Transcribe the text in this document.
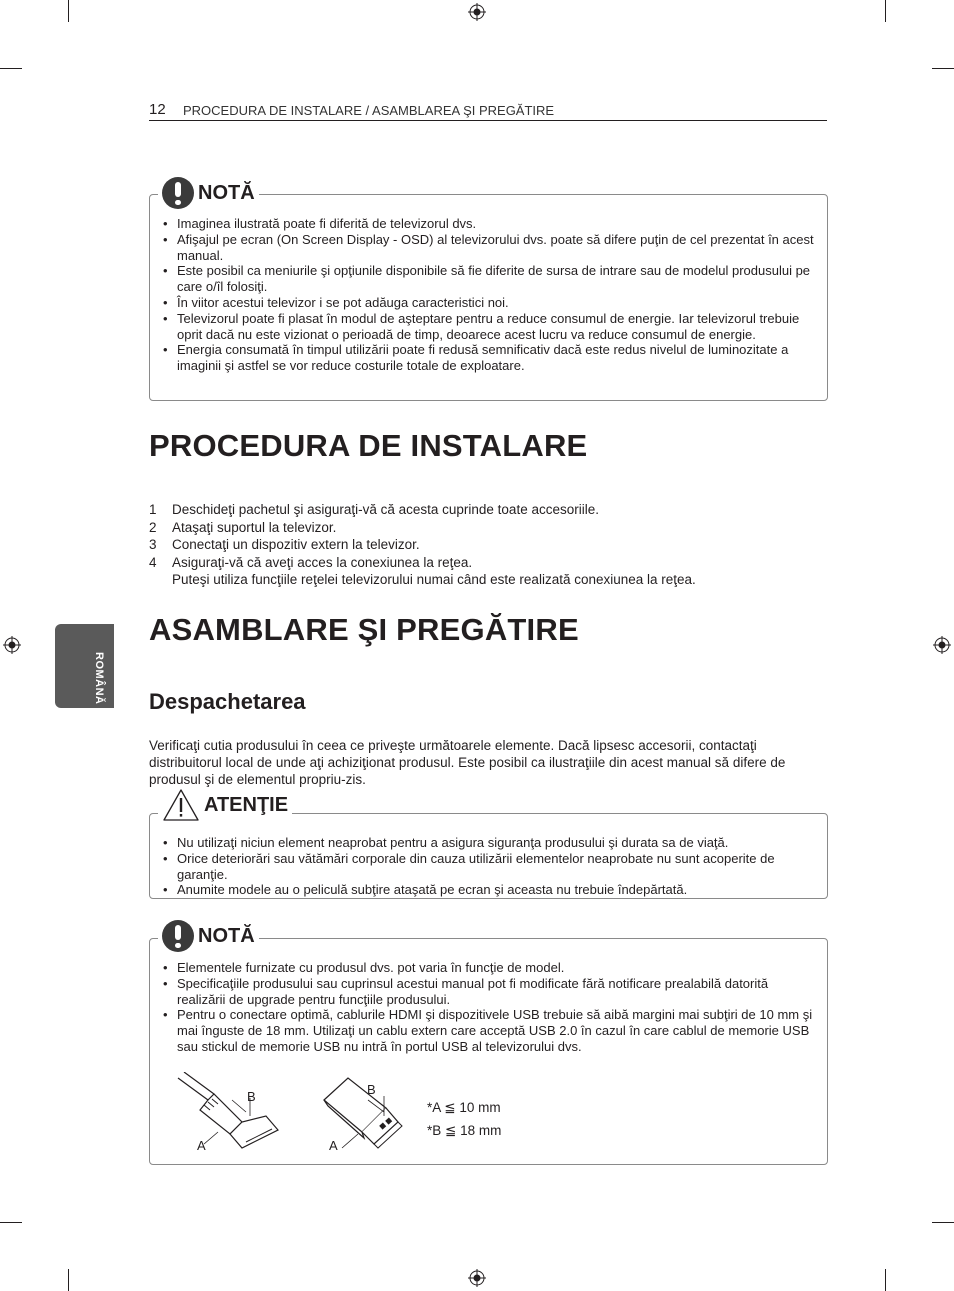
12 PROCEDURA DE INSTALARE / ASAMBLAREA ŞI PREGĂTIRE
ROMÂNĂ
• Imaginea ilustrată poate fi diferită de televizorul dvs.
• Afişajul pe ecran (On Screen Display - OSD) al televizorului dvs. poate să difere puţin de cel prezentat în acest manual.
• Este posibil ca meniurile şi opţiunile disponibile să fie diferite de sursa de intrare sau de modelul produsului pe care o/îl folosiţi.
• În viitor acestui televizor i se pot adăuga caracteristici noi.
• Televizorul poate fi plasat în modul de aşteptare pentru a reduce consumul de energie. Iar televizorul trebuie oprit dacă nu este vizionat o perioadă de timp, deoarece acest lucru va reduce consumul de energie.
• Energia consumată în timpul utilizării poate fi redusă semnificativ dacă este redus nivelul de luminozitate a imaginii şi astfel se vor reduce costurile totale de exploatare.
NOTĂ
PROCEDURA DE INSTALARE
1 Deschideţi pachetul şi asiguraţi-vă că acesta cuprinde toate accesoriile.
2 Ataşaţi suportul la televizor.
3 Conectaţi un dispozitiv extern la televizor.
4 Asiguraţi-vă că aveţi acces la conexiunea la reţea.
Puteşi utiliza funcţiile reţelei televizorului numai când este realizată conexiunea la reţea.
ASAMBLARE ŞI PREGĂTIRE
Despachetarea
Verificaţi cutia produsului în ceea ce priveşte următoarele elemente. Dacă lipsesc accesorii, contactaţi distribuitorul local de unde aţi achiziţionat produsul. Este posibil ca ilustraţiile din acest manual să difere de produsul şi de elementul propriu-zis.
• Nu utilizaţi niciun element neaprobat pentru a asigura siguranţa produsului şi durata sa de viaţă.
• Orice deteriorări sau vătămări corporale din cauza utilizării elementelor neaprobate nu sunt acoperite de garanţie.
• Anumite modele au o peliculă subţire ataşată pe ecran şi aceasta nu trebuie îndepărtată.
ATENŢIE
• Elementele furnizate cu produsul dvs. pot varia în funcţie de model.
• Specificaţiile produsului sau cuprinsul acestui manual pot fi modificate fără notificare prealabilă datorită realizării de upgrade pentru funcţiile produsului.
• Pentru o conectare optimă, cablurile HDMI şi dispozitivele USB trebuie să aibă margini mai subţiri de 10 mm şi mai înguste de 18 mm. Utilizaţi un cablu extern care acceptă USB 2.0 în cazul în care cablul de memorie USB sau stickul de memorie USB nu intră în portul USB al televizorului dvs.
NOTĂ
A
B
A
B
*A ≦ 10 mm
*B ≦ 18 mm
